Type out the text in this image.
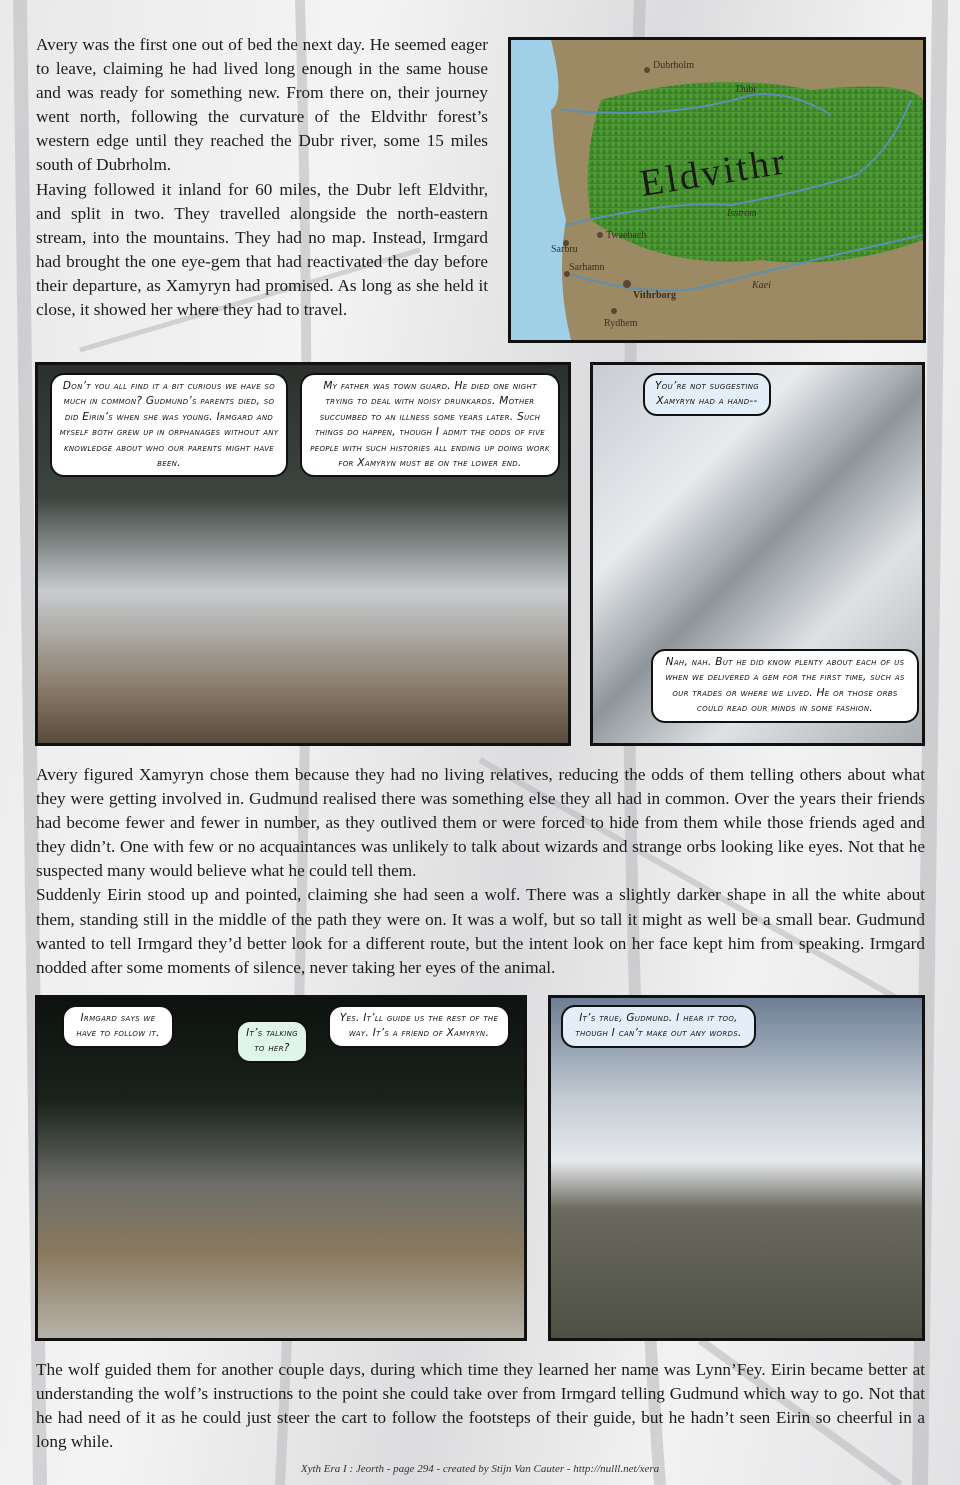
Avery was the first one out of bed the next day. He seemed eager to leave, claiming he had lived long enough in the same house and was ready for something new. From there on, their journey went north, following the curvature of the Eldvithr forest’s western edge until they reached the Dubr river, some 15 miles south of Dubrholm.

Having followed it inland for 60 miles, the Dubr left Eldvithr, and split in two. They travelled alongside the north-eastern stream, into the mountains. They had no map. Instead, Irmgard had brought the one eye-gem that had reactivated the day before their departure, as Xamyryn had promised. As long as she held it close, it showed her where they had to travel.

Dubrholm
Dubr
Isstrom
Sarbru
Twaebach
Sarhamn
Vithrborg
Kaei
Rydhem
Eldvithr
Don’t you all find it a bit curious we have so much in common? Gudmund’s parents died, so did Eirin’s when she was young. Irmgard and myself both grew up in orphanages without any knowledge about who our parents might have been.
My father was town guard. He died one night trying to deal with noisy drunkards. Mother succumbed to an illness some years later. Such things do happen, though I admit the odds of five people with such histories all ending up doing work for Xamyryn must be on the lower end.
You’re not suggesting Xamyryn had a hand--
Nah, nah. But he did know plenty about each of us when we delivered a gem for the first time, such as our trades or where we lived. He or those orbs could read our minds in some fashion.

Avery figured Xamyryn chose them because they had no living relatives, reducing the odds of them telling others about what they were getting involved in. Gudmund realised there was something else they all had in common. Over the years their friends had become fewer and fewer in number, as they outlived them or were forced to hide from them while those friends aged and they didn’t. One with few or no acquaintances was unlikely to talk about wizards and strange orbs looking like eyes. Not that he suspected many would believe what he could tell them.

Suddenly Eirin stood up and pointed, claiming she had seen a wolf. There was a slightly darker shape in all the white about them, standing still in the middle of the path they were on. It was a wolf, but so tall it might as well be a small bear. Gudmund wanted to tell Irmgard they’d better look for a different route, but the intent look on her face kept him from speaking. Irmgard nodded after some moments of silence, never taking her eyes of the animal.

Irmgard says we have to follow it.	It’s talking to her?
Yes. It’ll guide us the rest of the way. It’s a friend of Xamyryn.
It’s true, Gudmund. I hear it too, though I can’t make out any words.

The wolf guided them for another couple days, during which time they learned her name was Lynn’Fey. Eirin became better at understanding the wolf’s instructions to the point she could take over from Irmgard telling Gudmund which way to go. Not that he had need of it as he could just steer the cart to follow the footsteps of their guide, but he hadn’t seen Eirin so cheerful in a long while.

Xyth Era I : Jeorth - page 294 - created by Stijn Van Cauter - http://nulll.net/xera
